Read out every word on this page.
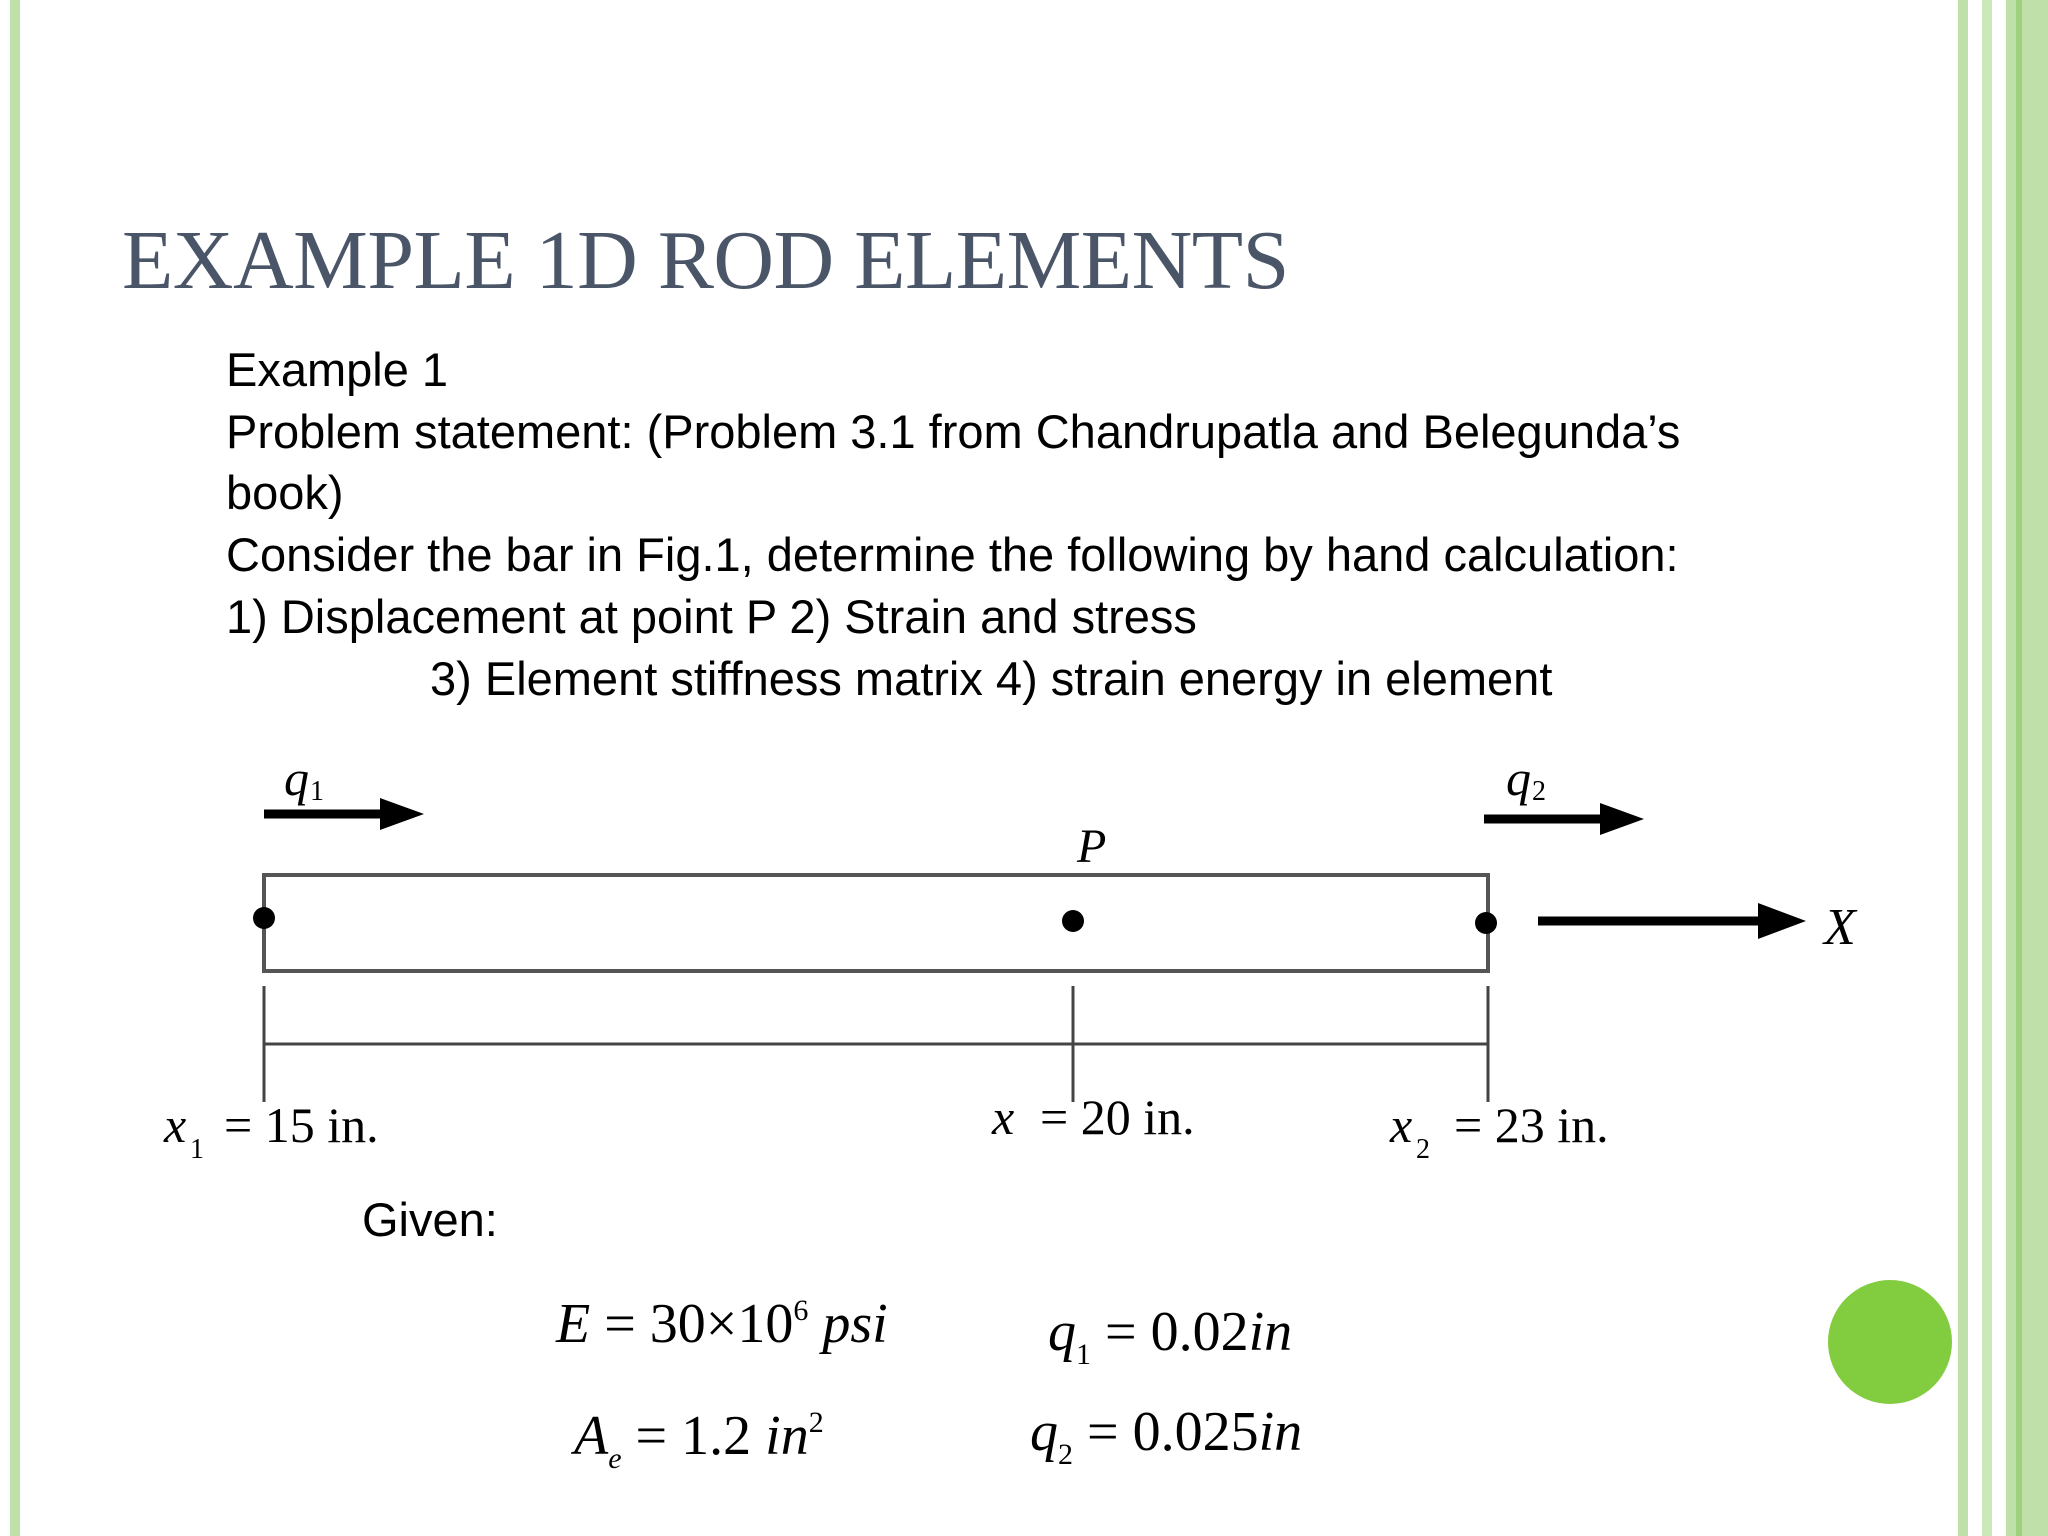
EXAMPLE 1D ROD ELEMENTS

Example 1

Problem statement: (Problem 3.1 from Chandrupatla and Belegunda’s

book)

Consider the bar in Fig.1, determine the following by hand calculation:

1) Displacement at point P 2) Strain and stress

3) Element stiffness matrix 4) strain energy in element

q 1	q 2
P
X
x 1 = 15 in.	x = 20 in.	x 2 = 23 in.

Given:

$E = 30\times 10^6$ psi
$A_e = 1.2$ $in^2$
$q_1 = 0.02in$
$q_2 = 0.025in$
